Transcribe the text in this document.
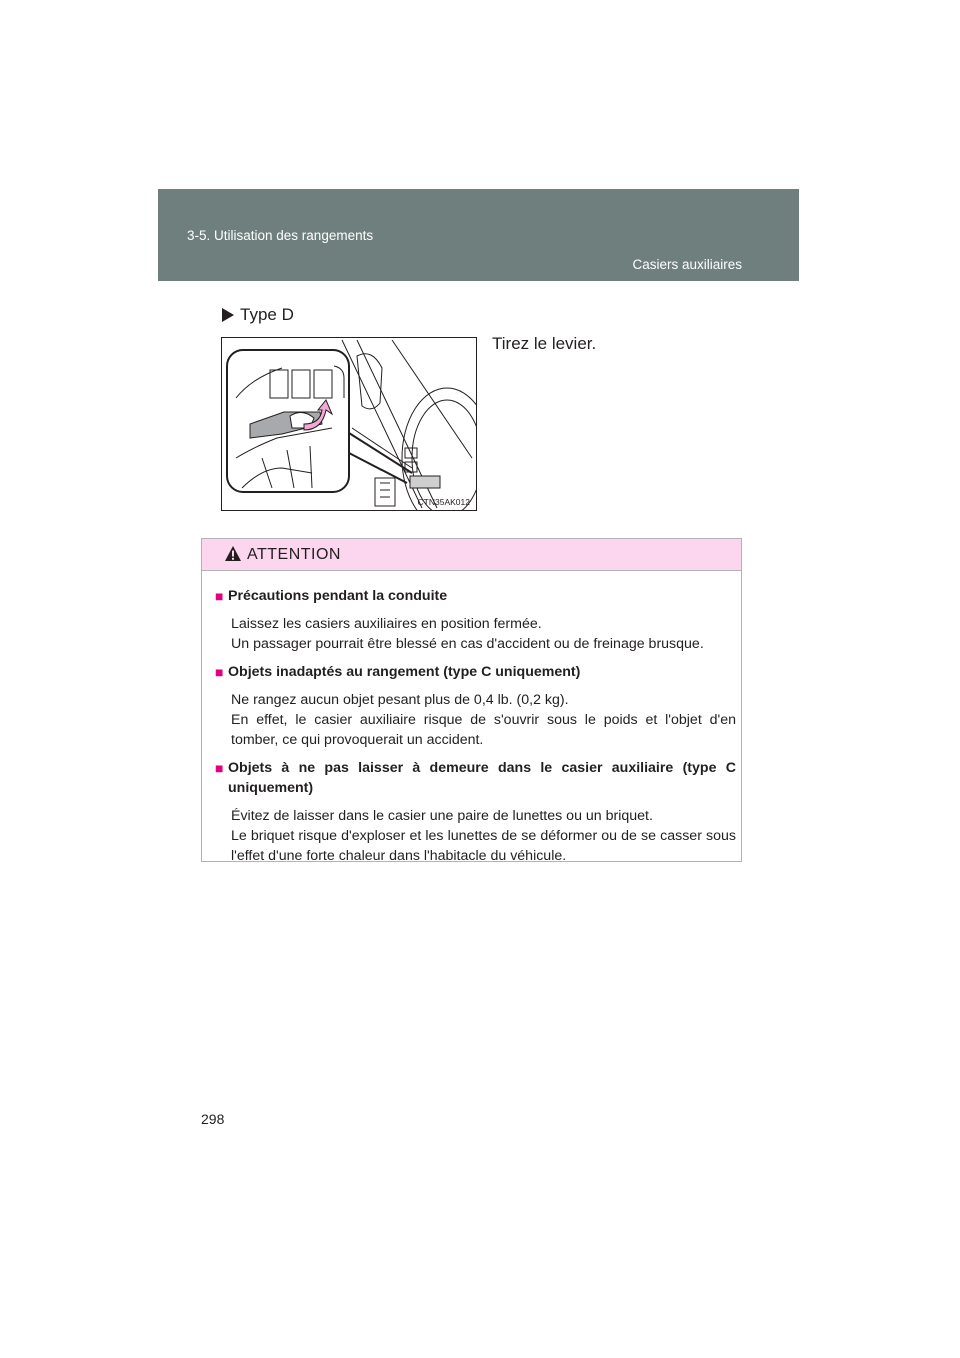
3-5. Utilisation des rangements
Casiers auxiliaires
Type D
Tirez le levier.
CTN35AK012
ATTENTION
■ Précautions pendant la conduite
Laissez les casiers auxiliaires en position fermée.
Un passager pourrait être blessé en cas d'accident ou de freinage brusque.
■ Objets inadaptés au rangement (type C uniquement)
Ne rangez aucun objet pesant plus de 0,4 lb. (0,2 kg).
En effet, le casier auxiliaire risque de s'ouvrir sous le poids et l'objet d'en tomber, ce qui provoquerait un accident.
■ Objets à ne pas laisser à demeure dans le casier auxiliaire (type C uniquement)
Évitez de laisser dans le casier une paire de lunettes ou un briquet.
Le briquet risque d'exploser et les lunettes de se déformer ou de se casser sous l'effet d'une forte chaleur dans l'habitacle du véhicule.
298
